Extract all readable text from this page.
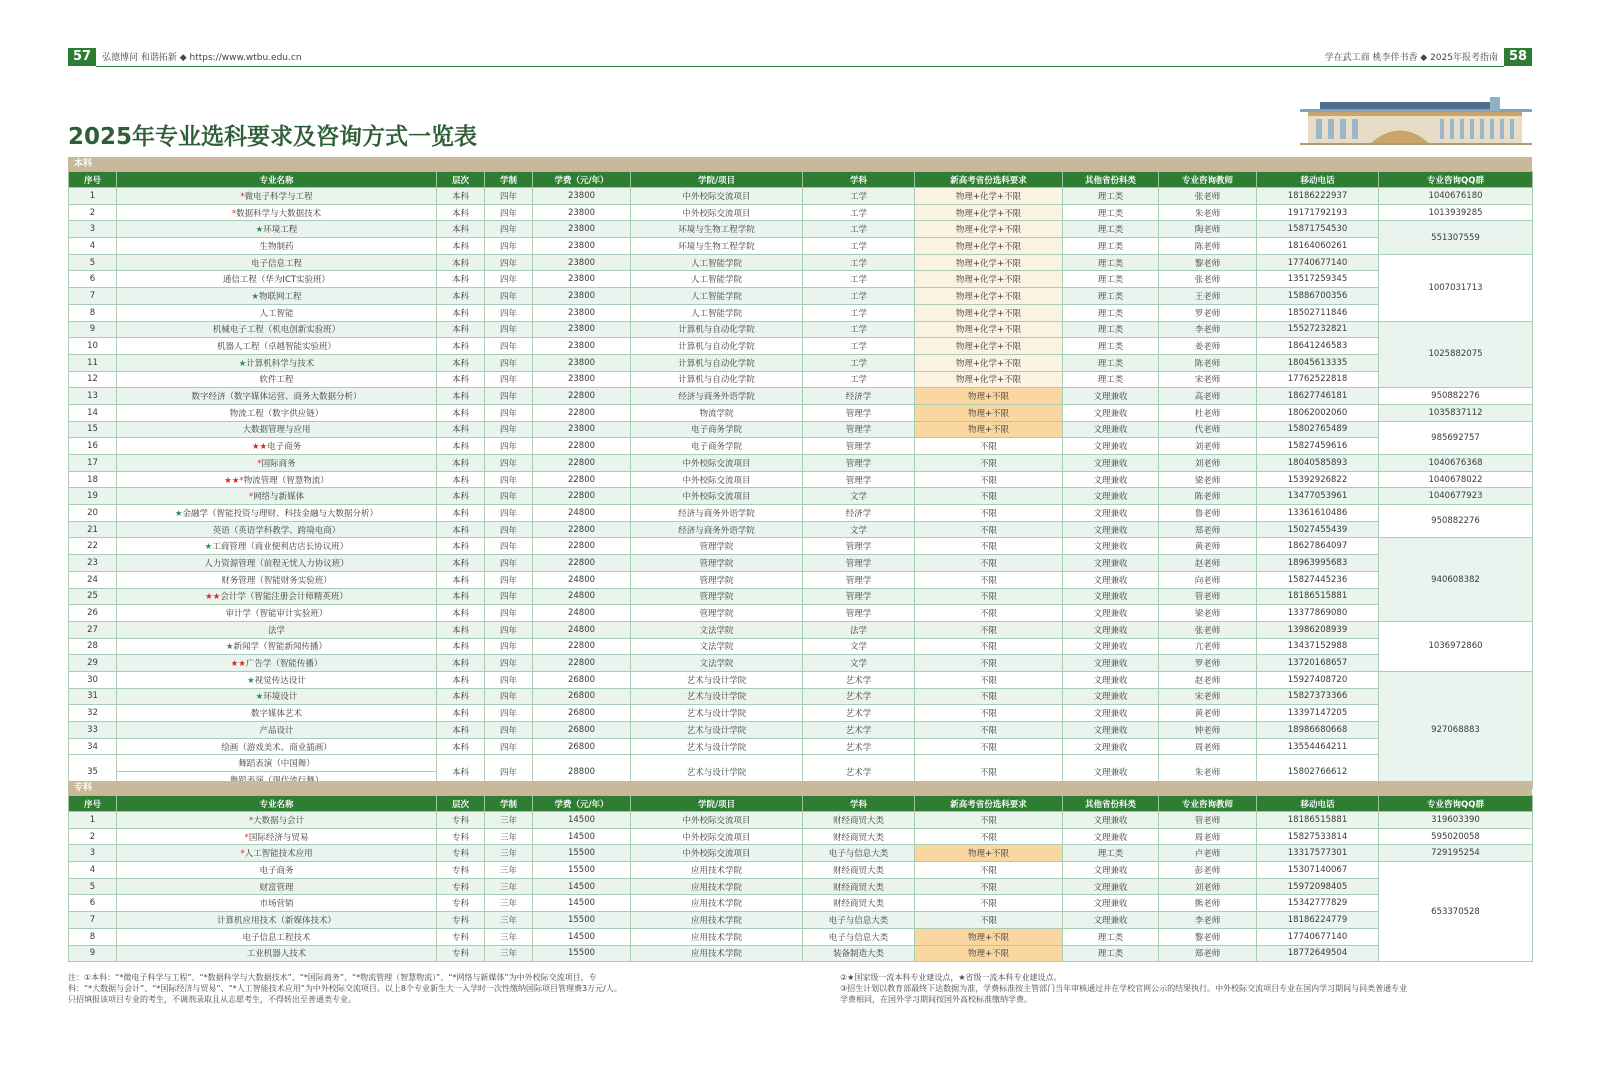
57	弘德博问 和谐拓新 ◆ https://www.wtbu.edu.cn	学在武工商 桃李伴书香 ◆ 2025年报考指南 58
2025年专业选科要求及咨询方式一览表
本科
序号	专业名称	层次	学制	学费（元/年）	学院/项目	学科	新高考省份选科要求	其他省份科类	专业咨询教师	移动电话	专业咨询QQ群
1	*微电子科学与工程	本科	四年	23800	中外校际交流项目	工学	物理+化学+不限	理工类	张老师	18186222937	1040676180
2	*数据科学与大数据技术	本科	四年	23800	中外校际交流项目	工学	物理+化学+不限	理工类	朱老师	19171792193	1013939285
3	★环境工程	本科	四年	23800	环境与生物工程学院	工学	物理+化学+不限	理工类	陶老师	15871754530	551307559
4	生物制药	本科	四年	23800	环境与生物工程学院	工学	物理+化学+不限	理工类	陈老师	18164060261	
5	电子信息工程	本科	四年	23800	人工智能学院	工学	物理+化学+不限	理工类	黎老师	17740677140	1007031713
6	通信工程（华为ICT实验班）	本科	四年	23800	人工智能学院	工学	物理+化学+不限	理工类	张老师	13517259345	
7	★物联网工程	本科	四年	23800	人工智能学院	工学	物理+化学+不限	理工类	王老师	15886700356	
8	人工智能	本科	四年	23800	人工智能学院	工学	物理+化学+不限	理工类	罗老师	18502711846	
9	机械电子工程（机电创新实验班）	本科	四年	23800	计算机与自动化学院	工学	物理+化学+不限	理工类	李老师	15527232821	1025882075
10	机器人工程（卓越智能实验班）	本科	四年	23800	计算机与自动化学院	工学	物理+化学+不限	理工类	姜老师	18641246583	
11	★计算机科学与技术	本科	四年	23800	计算机与自动化学院	工学	物理+化学+不限	理工类	陈老师	18045613335	
12	软件工程	本科	四年	23800	计算机与自动化学院	工学	物理+化学+不限	理工类	宋老师	17762522818	
13	数字经济（数字媒体运营、商务大数据分析）	本科	四年	22800	经济与商务外语学院	经济学	物理+不限	文理兼收	高老师	18627746181	950882276
14	物流工程（数字供应链）	本科	四年	22800	物流学院	管理学	物理+不限	文理兼收	杜老师	18062002060	1035837112
15	大数据管理与应用	本科	四年	23800	电子商务学院	管理学	物理+不限	文理兼收	代老师	15802765489	985692757
16	★★电子商务	本科	四年	22800	电子商务学院	管理学	不限	文理兼收	刘老师	15827459616	
17	*国际商务	本科	四年	22800	中外校际交流项目	管理学	不限	文理兼收	刘老师	18040585893	1040676368
18	★★*物流管理（智慧物流）	本科	四年	22800	中外校际交流项目	管理学	不限	文理兼收	梁老师	15392926822	1040678022
19	*网络与新媒体	本科	四年	22800	中外校际交流项目	文学	不限	文理兼收	陈老师	13477053961	1040677923
20	★金融学（智能投资与理财、科技金融与大数据分析）	本科	四年	24800	经济与商务外语学院	经济学	不限	文理兼收	鲁老师	13361610486	950882276
21	英语（英语学科教学、跨境电商）	本科	四年	22800	经济与商务外语学院	文学	不限	文理兼收	郑老师	15027455439	
22	★工商管理（商业便利店店长协议班）	本科	四年	22800	管理学院	管理学	不限	文理兼收	黄老师	18627864097	940608382
23	人力资源管理（前程无忧人力协议班）	本科	四年	22800	管理学院	管理学	不限	文理兼收	赵老师	18963995683	
24	财务管理（智能财务实验班）	本科	四年	24800	管理学院	管理学	不限	文理兼收	向老师	15827445236	
25	★★会计学（智能注册会计师精英班）	本科	四年	24800	管理学院	管理学	不限	文理兼收	管老师	18186515881	
26	审计学（智能审计实验班）	本科	四年	24800	管理学院	管理学	不限	文理兼收	梁老师	13377869080	
27	法学	本科	四年	24800	文法学院	法学	不限	文理兼收	张老师	13986208939	1036972860
28	★新闻学（智能新闻传播）	本科	四年	22800	文法学院	文学	不限	文理兼收	亢老师	13437152988	
29	★★广告学（智能传播）	本科	四年	22800	文法学院	文学	不限	文理兼收	罗老师	13720168657	
30	★视觉传达设计	本科	四年	26800	艺术与设计学院	艺术学	不限	文理兼收	赵老师	15927408720	927068883
31	★环境设计	本科	四年	26800	艺术与设计学院	艺术学	不限	文理兼收	宋老师	15827373366	
32	数字媒体艺术	本科	四年	26800	艺术与设计学院	艺术学	不限	文理兼收	黄老师	13397147205	
33	产品设计	本科	四年	26800	艺术与设计学院	艺术学	不限	文理兼收	钟老师	18986680668	
34	绘画（游戏美术、商业插画）	本科	四年	26800	艺术与设计学院	艺术学	不限	文理兼收	周老师	13554464211	
35	舞蹈表演（中国舞）	本科	四年	28800	艺术与设计学院	艺术学	不限	文理兼收	朱老师	15802766612	

专科
序号	专业名称	层次	学制	学费（元/年）	学院/项目	学科	新高考省份选科要求	其他省份科类	专业咨询教师	移动电话	专业咨询QQ群
1	*大数据与会计	专科	三年	14500	中外校际交流项目	财经商贸大类	不限	文理兼收	管老师	18186515881	319603390
2	*国际经济与贸易	专科	三年	14500	中外校际交流项目	财经商贸大类	不限	文理兼收	周老师	15827533814	595020058
3	*人工智能技术应用	专科	三年	15500	中外校际交流项目	电子与信息大类	物理+不限	理工类	卢老师	13317577301	729195254
4	电子商务	专科	三年	15500	应用技术学院	财经商贸大类	不限	文理兼收	彭老师	15307140067	653370528
5	财富管理	专科	三年	14500	应用技术学院	财经商贸大类	不限	文理兼收	刘老师	15972098405	
6	市场营销	专科	三年	14500	应用技术学院	财经商贸大类	不限	文理兼收	熊老师	15342777829	
7	计算机应用技术（新媒体技术）	专科	三年	15500	应用技术学院	电子与信息大类	不限	文理兼收	李老师	18186224779	
8	电子信息工程技术	专科	三年	14500	应用技术学院	电子与信息大类	物理+不限	理工类	黎老师	17740677140	
9	工业机器人技术	专科	三年	15500	应用技术学院	装备制造大类	物理+不限	理工类	郑老师	18772649504	
注：①本科：“*微电子科学与工程”、“*数据科学与大数据技术”、“*国际商务”、“*物流管理（智慧物流）”、“*网络与新媒体”为中外校际交流项目，专
科：“*大数据与会计”、“*国际经济与贸易”、“*人工智能技术应用”为中外校际交流项目。以上8个专业新生大一入学时一次性缴纳国际项目管理费3万元/人。
只招填报该项目专业的考生，不调剂录取且从志愿考生，不得转出至普通类专业。
②★国家级一流本科专业建设点，★省级一流本科专业建设点。
③招生计划以教育部最终下达数据为准，学费标准按主管部门当年审核通过并在学校官网公示的结果执行。中外校际交流项目专业在国内学习期间与同类普通专业
学费相同，在国外学习期间按国外高校标准缴纳学费。
